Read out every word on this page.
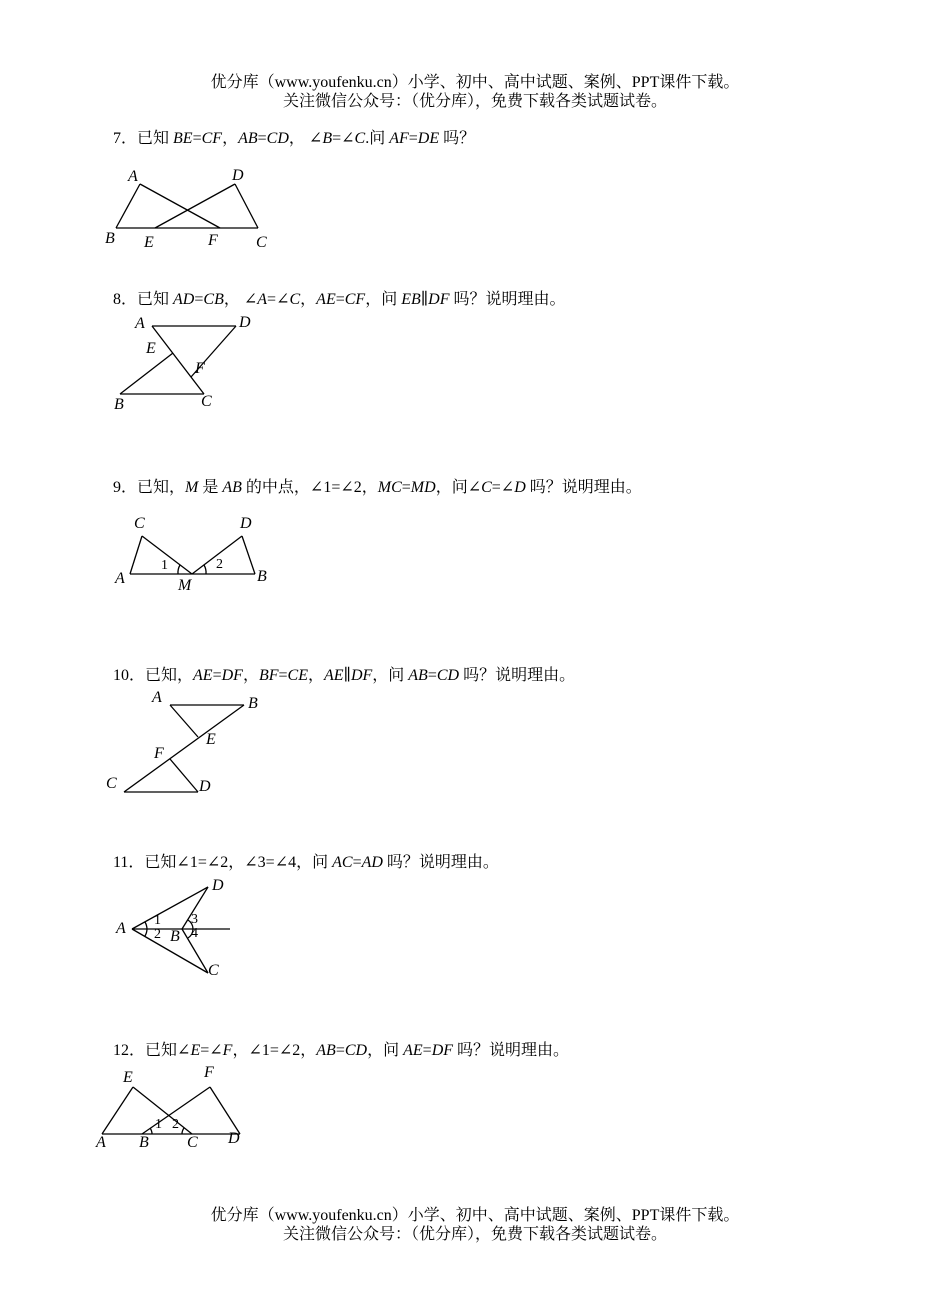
优分库（www.youfenku.cn）小学、初中、高中试题、案例、PPT课件下载。
关注微信公众号：（优分库），免费下载各类试题试卷。
7．已知 BE=CF，AB=CD， ∠B=∠C.问 AF=DE 吗？
A	D
B E	F C
8．已知 AD=CB， ∠A=∠C，AE=CF，问 EB∥DF 吗？说明理由。
A	D
E
F
B	C
9．已知，M 是 AB 的中点，∠1=∠2，MC=MD，问∠C=∠D 吗？说明理由。
C	D
A	B
M
1	2
10．已知，AE=DF，BF=CE，AE∥DF，问 AB=CD 吗？说明理由。
A	B
E
F
C	D
11．已知∠1=∠2，∠3=∠4，问 AC=AD 吗？说明理由。
A
D
B
C
1
2
3
4
12．已知∠E=∠F，∠1=∠2，AB=CD，问 AE=DF 吗？说明理由。
E	F
A B C D
1 2
优分库（www.youfenku.cn）小学、初中、高中试题、案例、PPT课件下载。
关注微信公众号：（优分库），免费下载各类试题试卷。
